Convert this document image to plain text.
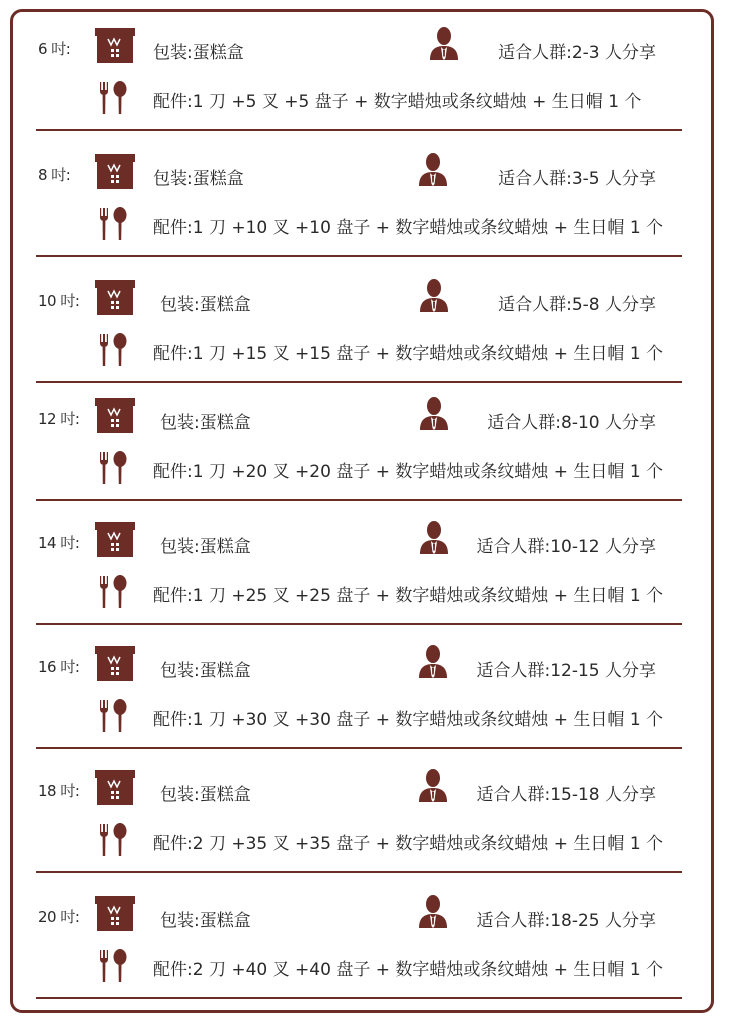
6 吋:	包装:蛋糕盒	适合人群:2-3 人分享
配件:1 刀 +5 叉 +5 盘子 + 数字蜡烛或条纹蜡烛 + 生日帽 1 个
8 吋:	包装:蛋糕盒	适合人群:3-5 人分享
配件:1 刀 +10 叉 +10 盘子 + 数字蜡烛或条纹蜡烛 + 生日帽 1 个
10 吋:	包装:蛋糕盒	适合人群:5-8 人分享
配件:1 刀 +15 叉 +15 盘子 + 数字蜡烛或条纹蜡烛 + 生日帽 1 个
12 吋:	包装:蛋糕盒	适合人群:8-10 人分享
配件:1 刀 +20 叉 +20 盘子 + 数字蜡烛或条纹蜡烛 + 生日帽 1 个
14 吋:	包装:蛋糕盒	适合人群:10-12 人分享
配件:1 刀 +25 叉 +25 盘子 + 数字蜡烛或条纹蜡烛 + 生日帽 1 个
16 吋:	包装:蛋糕盒	适合人群:12-15 人分享
配件:1 刀 +30 叉 +30 盘子 + 数字蜡烛或条纹蜡烛 + 生日帽 1 个
18 吋:	包装:蛋糕盒	适合人群:15-18 人分享
配件:2 刀 +35 叉 +35 盘子 + 数字蜡烛或条纹蜡烛 + 生日帽 1 个
20 吋:	包装:蛋糕盒	适合人群:18-25 人分享
配件:2 刀 +40 叉 +40 盘子 + 数字蜡烛或条纹蜡烛 + 生日帽 1 个
